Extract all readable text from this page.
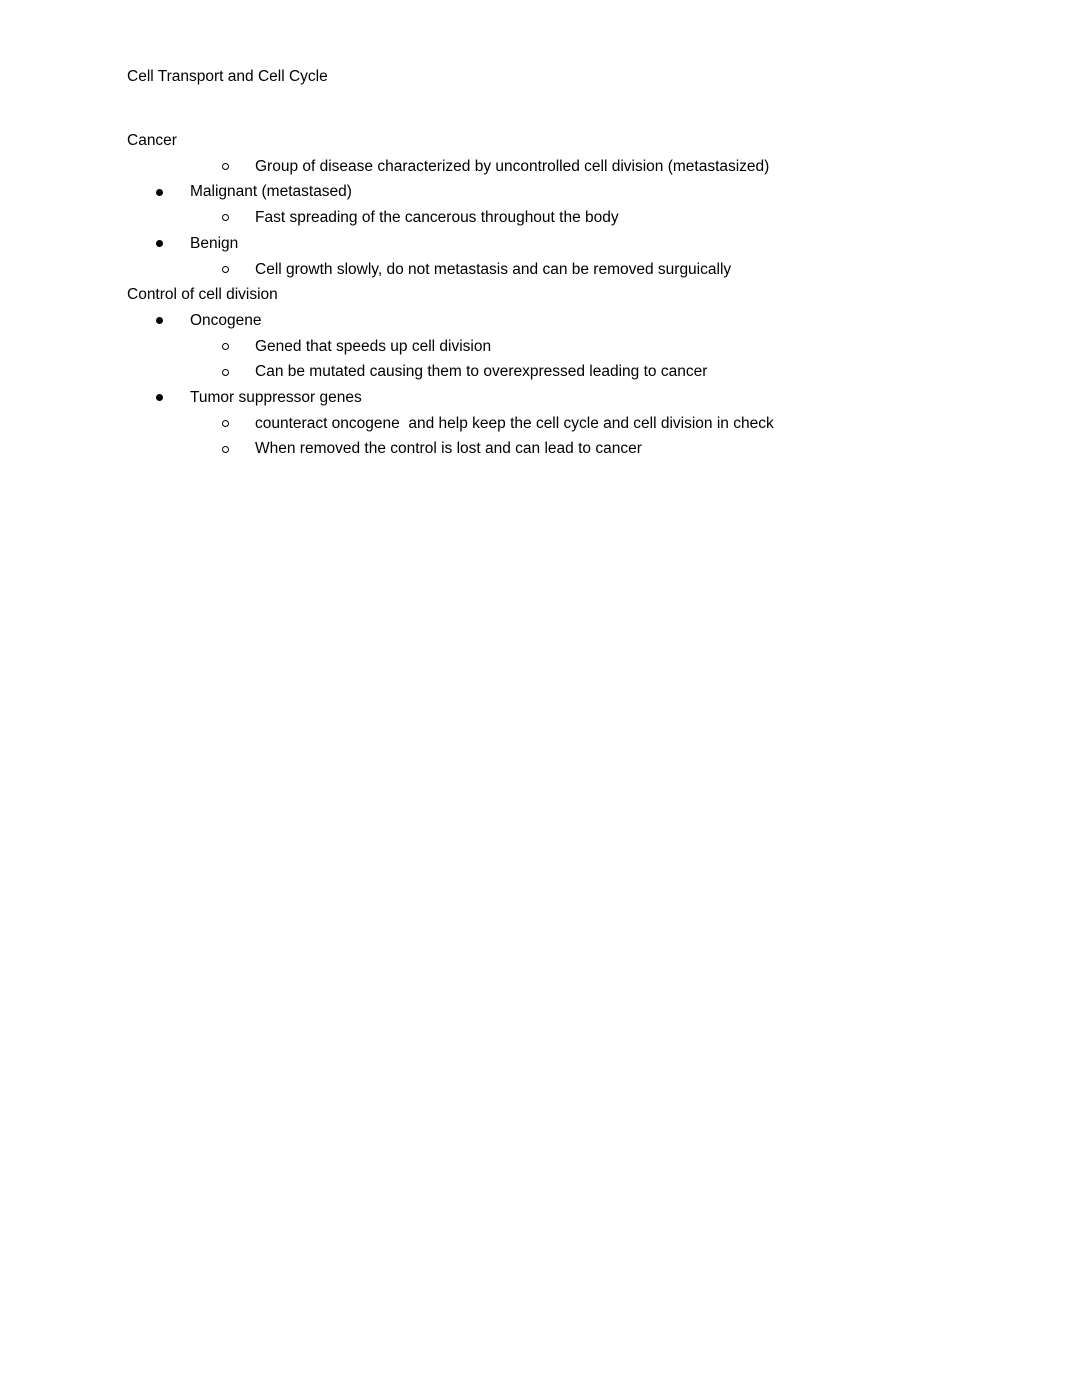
Cell Transport and Cell Cycle
Cancer
Group of disease characterized by uncontrolled cell division (metastasized)
Malignant (metastased)
Fast spreading of the cancerous throughout the body
Benign
Cell growth slowly, do not metastasis and can be removed surguically
Control of cell division
Oncogene
Gened that speeds up cell division
Can be mutated causing them to overexpressed leading to cancer
Tumor suppressor genes
counteract oncogene  and help keep the cell cycle and cell division in check
When removed the control is lost and can lead to cancer
